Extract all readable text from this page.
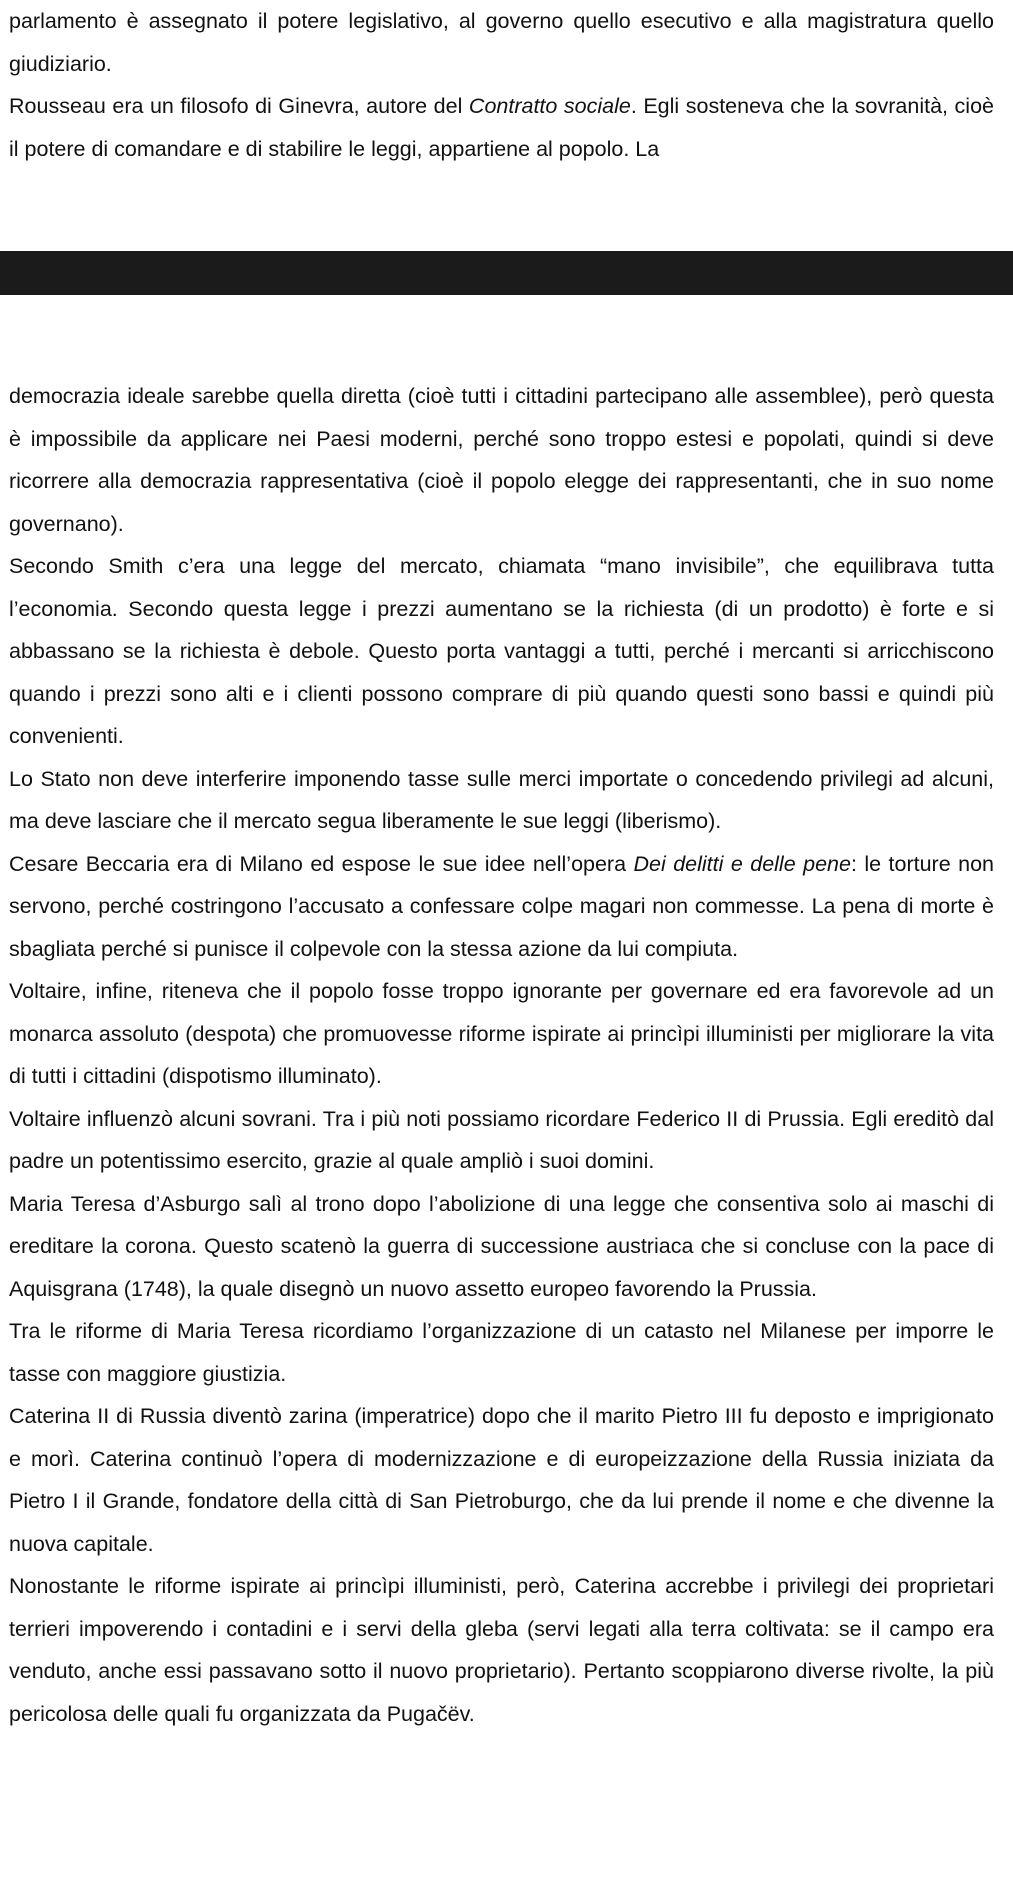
parlamento è assegnato il potere legislativo, al governo quello esecutivo e alla magistratura quello giudiziario.

Rousseau era un filosofo di Ginevra, autore del Contratto sociale. Egli sosteneva che la sovranità, cioè il potere di comandare e di stabilire le leggi, appartiene al popolo. La

democrazia ideale sarebbe quella diretta (cioè tutti i cittadini partecipano alle assemblee), però questa è impossibile da applicare nei Paesi moderni, perché sono troppo estesi e popolati, quindi si deve ricorrere alla democrazia rappresentativa (cioè il popolo elegge dei rappresentanti, che in suo nome governano).

Secondo Smith c’era una legge del mercato, chiamata “mano invisibile”, che equilibrava tutta l’economia. Secondo questa legge i prezzi aumentano se la richiesta (di un prodotto) è forte e si abbassano se la richiesta è debole. Questo porta vantaggi a tutti, perché i mercanti si arricchiscono quando i prezzi sono alti e i clienti possono comprare di più quando questi sono bassi e quindi più convenienti.

Lo Stato non deve interferire imponendo tasse sulle merci importate o concedendo privilegi ad alcuni, ma deve lasciare che il mercato segua liberamente le sue leggi (liberismo).

Cesare Beccaria era di Milano ed espose le sue idee nell’opera Dei delitti e delle pene: le torture non servono, perché costringono l’accusato a confessare colpe magari non commesse. La pena di morte è sbagliata perché si punisce il colpevole con la stessa azione da lui compiuta.

Voltaire, infine, riteneva che il popolo fosse troppo ignorante per governare ed era favorevole ad un monarca assoluto (despota) che promuovesse riforme ispirate ai princìpi illuministi per migliorare la vita di tutti i cittadini (dispotismo illuminato).

Voltaire influenzò alcuni sovrani. Tra i più noti possiamo ricordare Federico II di Prussia. Egli ereditò dal padre un potentissimo esercito, grazie al quale ampliò i suoi domini.

Maria Teresa d’Asburgo salì al trono dopo l’abolizione di una legge che consentiva solo ai maschi di ereditare la corona. Questo scatenò la guerra di successione austriaca che si concluse con la pace di Aquisgrana (1748), la quale disegnò un nuovo assetto europeo favorendo la Prussia.

Tra le riforme di Maria Teresa ricordiamo l’organizzazione di un catasto nel Milanese per imporre le tasse con maggiore giustizia.

Caterina II di Russia diventò zarina (imperatrice) dopo che il marito Pietro III fu deposto e imprigionato e morì. Caterina continuò l’opera di modernizzazione e di europeizzazione della Russia iniziata da Pietro I il Grande, fondatore della città di San Pietroburgo, che da lui prende il nome e che divenne la nuova capitale.

Nonostante le riforme ispirate ai princìpi illuministi, però, Caterina accrebbe i privilegi dei proprietari terrieri impoverendo i contadini e i servi della gleba (servi legati alla terra coltivata: se il campo era venduto, anche essi passavano sotto il nuovo proprietario). Pertanto scoppiarono diverse rivolte, la più pericolosa delle quali fu organizzata da Pugačëv.
